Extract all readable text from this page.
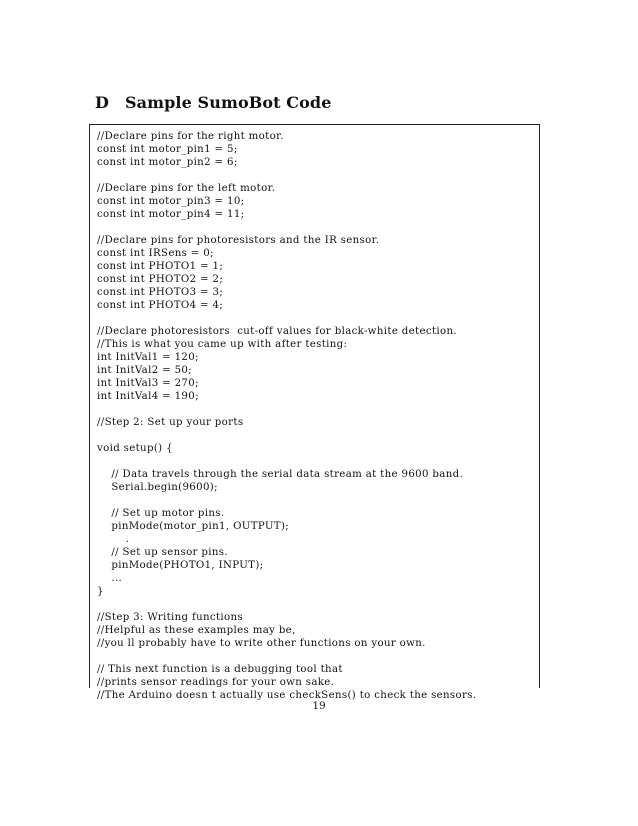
D Sample SumoBot Code
//Declare pins for the right motor.
const int motor_pin1 = 5;
const int motor_pin2 = 6;
//Declare pins for the left motor.
const int motor_pin3 = 10;
const int motor_pin4 = 11;
//Declare pins for photoresistors and the IR sensor.
const int IRSens = 0;
const int PHOTO1 = 1;
const int PHOTO2 = 2;
const int PHOTO3 = 3;
const int PHOTO4 = 4;
//Declare photoresistors  cut-off values for black-white detection.
//This is what you came up with after testing:
int InitVal1 = 120;
int InitVal2 = 50;
int InitVal3 = 270;
int InitVal4 = 190;
//Step 2: Set up your ports
void setup() {
// Data travels through the serial data stream at the 9600 band.
Serial.begin(9600);
// Set up motor pins.
pinMode(motor_pin1, OUTPUT);
.
// Set up sensor pins.
pinMode(PHOTO1, INPUT);
...
}
//Step 3: Writing functions
//Helpful as these examples may be,
//you ll probably have to write other functions on your own.
// This next function is a debugging tool that
//prints sensor readings for your own sake.
//The Arduino doesn t actually use checkSens() to check the sensors.
19
